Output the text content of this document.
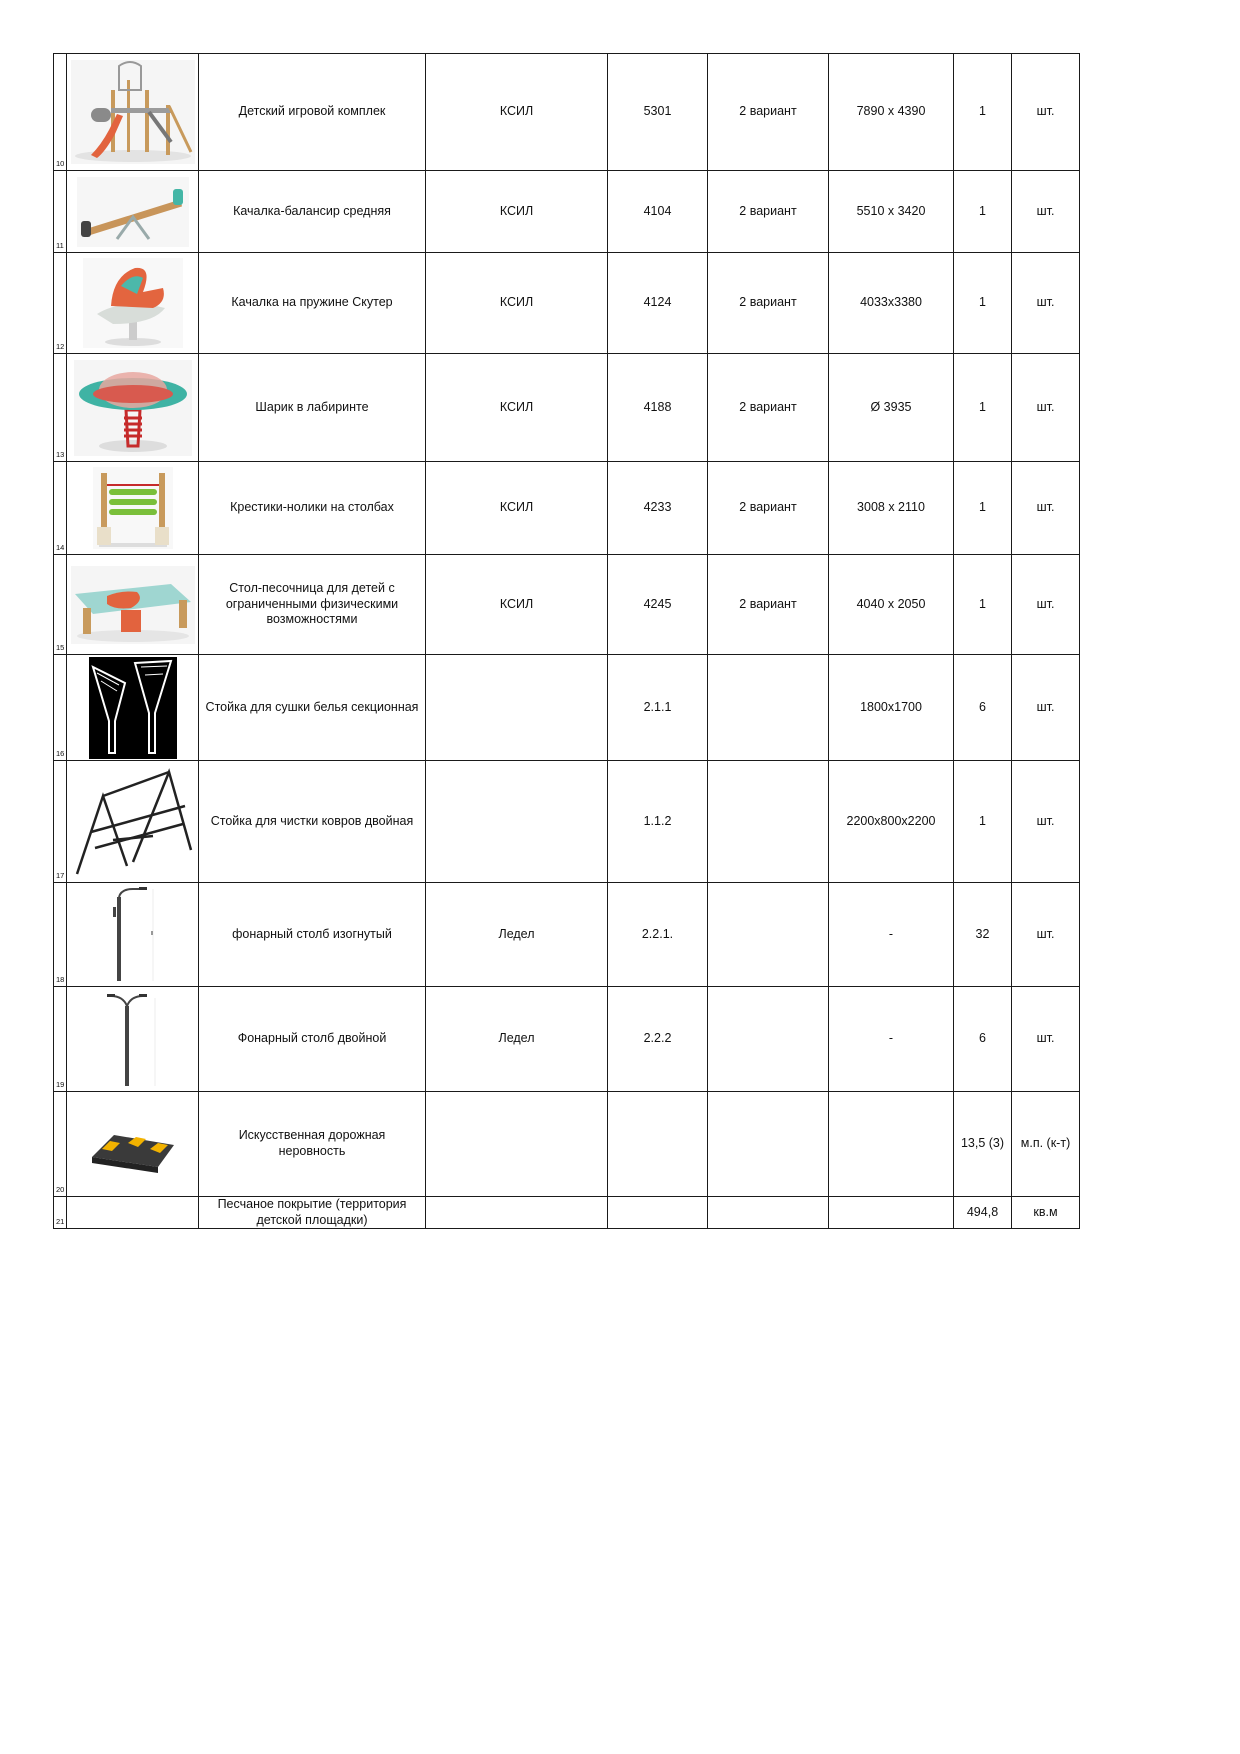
10		Детский игровой комплек	КСИЛ	5301	2 вариант	7890 х 4390	1	шт.

11		Качалка-балансир средняя	КСИЛ	4104	2 вариант	5510 х 3420	1	шт.

12		Качалка на пружине Скутер	КСИЛ	4124	2 вариант	4033х3380	1	шт.

13		Шарик в лабиринте	КСИЛ	4188	2 вариант	Ø 3935	1	шт.

14		Крестики-нолики на столбах	КСИЛ	4233	2 вариант	3008 х 2110	1	шт.

15		Стол-песочница для детей с ограниченными физическими возможностями	КСИЛ	4245	2 вариант	4040 х 2050	1	шт.

16		Стойка для сушки белья секционная		2.1.1		1800х1700	6	шт.

17		Стойка для чистки ковров двойная		1.1.2		2200х800х2200	1	шт.

18		фонарный столб изогнутый	Ледел	2.2.1.		-	32	шт.

19		Фонарный столб двойной	Ледел	2.2.2		-	6	шт.

20		Искусственная дорожная неровность					13,5 (3)	м.п. (к-т)

21		Песчаное покрытие (территория детской площадки)					494,8	кв.м
